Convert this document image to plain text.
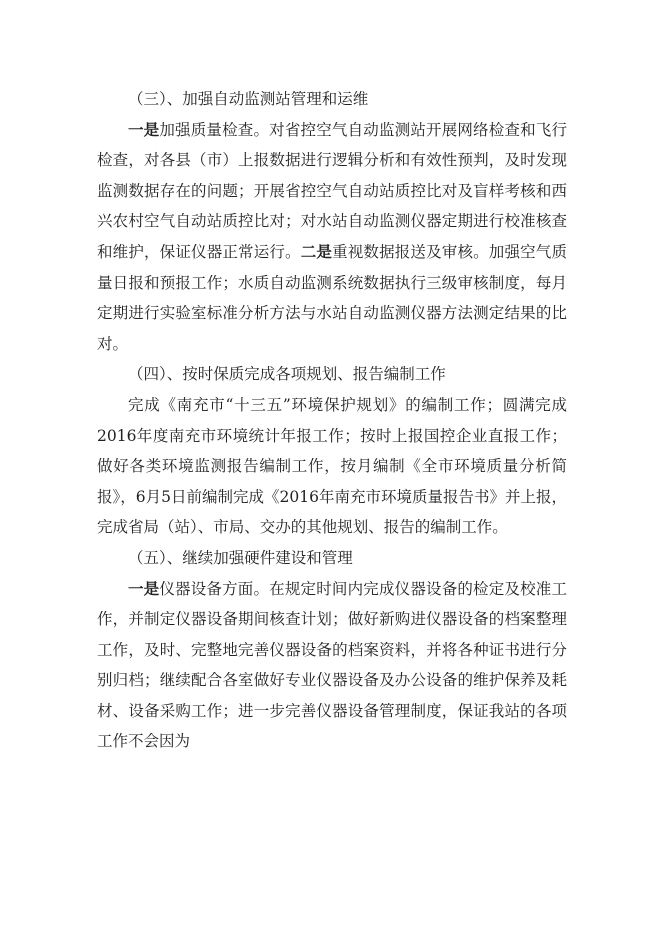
（三）、加强自动监测站管理和运维

一是加强质量检查。对省控空气自动监测站开展网络检查和飞行检查，对各县（市）上报数据进行逻辑分析和有效性预判，及时发现监测数据存在的问题；开展省控空气自动站质控比对及盲样考核和西兴农村空气自动站质控比对；对水站自动监测仪器定期进行校准核查和维护，保证仪器正常运行。二是重视数据报送及审核。加强空气质量日报和预报工作；水质自动监测系统数据执行三级审核制度，每月定期进行实验室标准分析方法与水站自动监测仪器方法测定结果的比对。

（四）、按时保质完成各项规划、报告编制工作

完成《南充市“十三五”环境保护规划》的编制工作；圆满完成2016年度南充市环境统计年报工作；按时上报国控企业直报工作；做好各类环境监测报告编制工作，按月编制《全市环境质量分析简报》，6月5日前编制完成《2016年南充市环境质量报告书》并上报，完成省局（站）、市局、交办的其他规划、报告的编制工作。

（五）、继续加强硬件建设和管理

一是仪器设备方面。在规定时间内完成仪器设备的检定及校准工作，并制定仪器设备期间核查计划；做好新购进仪器设备的档案整理工作，及时、完整地完善仪器设备的档案资料，并将各种证书进行分别归档；继续配合各室做好专业仪器设备及办公设备的维护保养及耗材、设备采购工作；进一步完善仪器设备管理制度，保证我站的各项工作不会因为
